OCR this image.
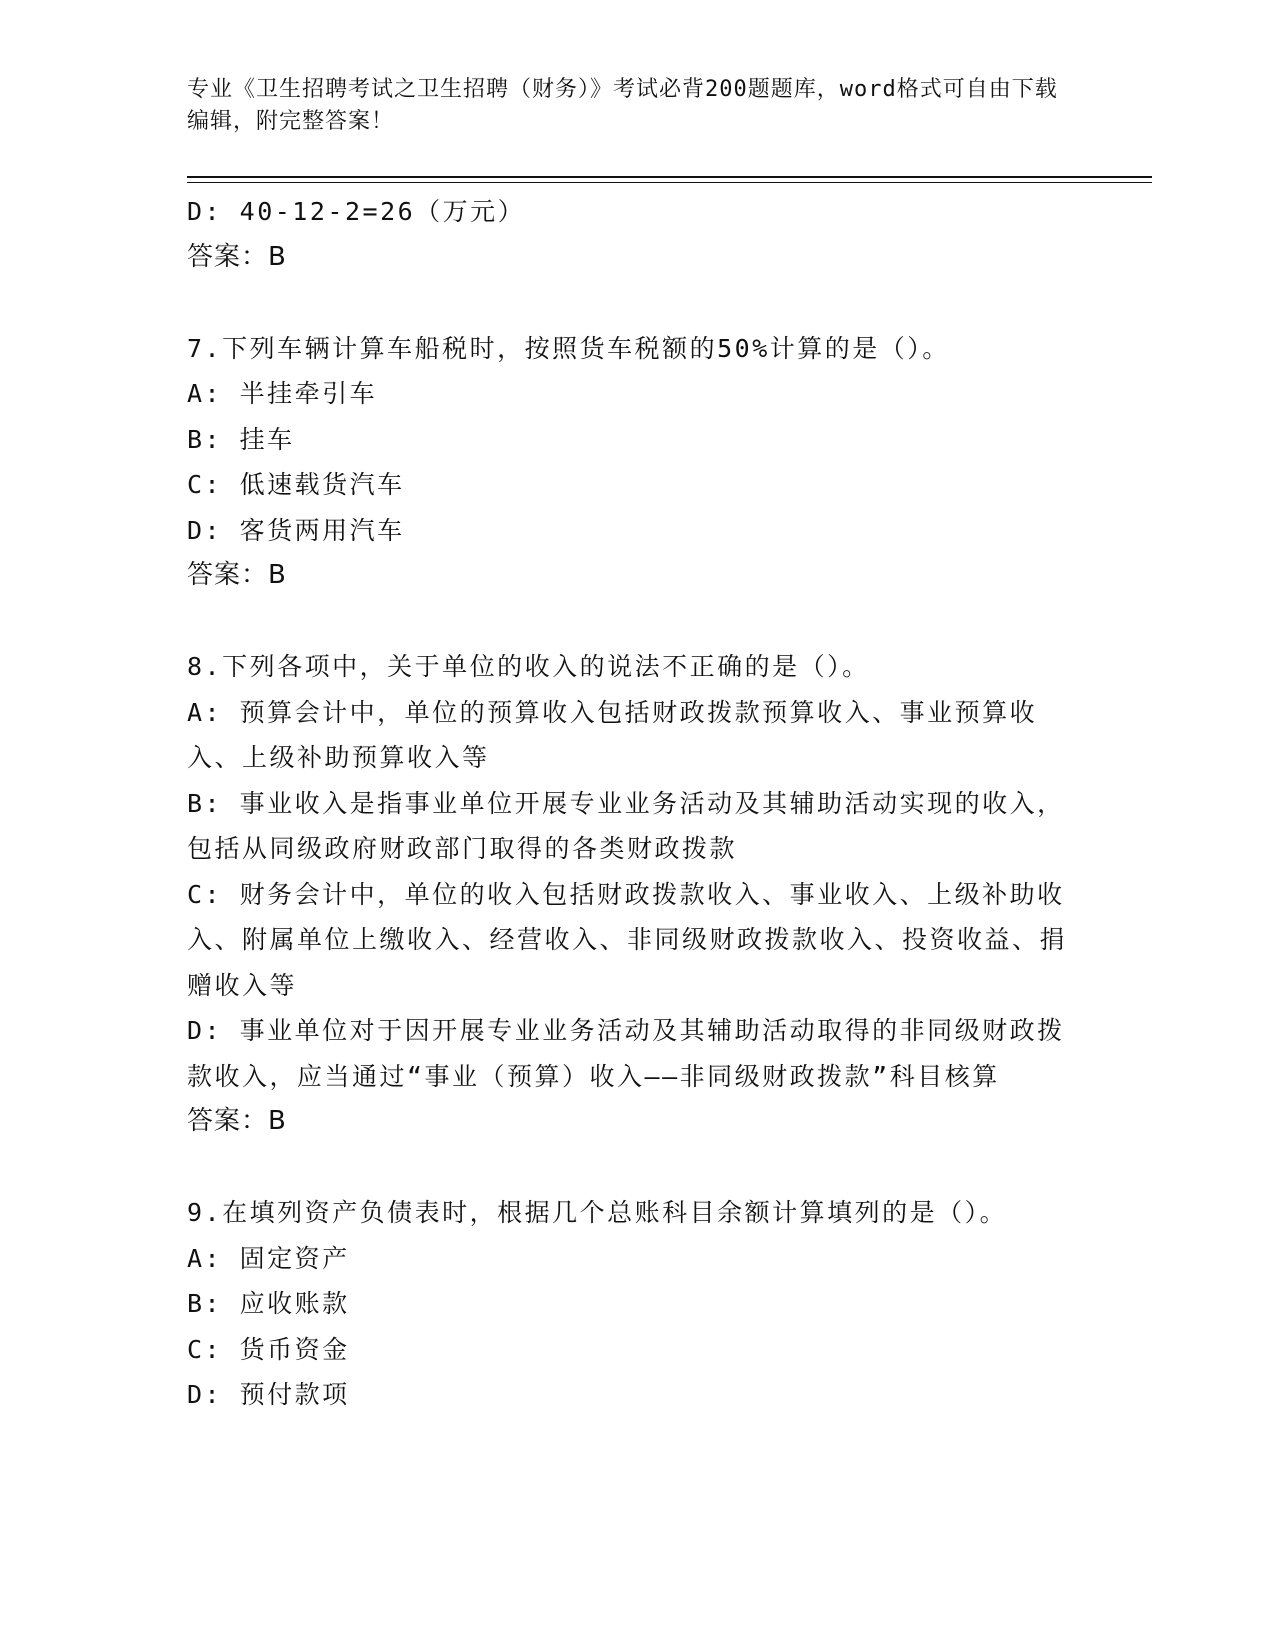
专业《卫生招聘考试之卫生招聘（财务）》考试必背200题题库，word格式可自由下载编辑，附完整答案！
D: 40-12-2=26（万元）
答案：B
7.下列车辆计算车船税时，按照货车税额的50%计算的是（）。
A: 半挂牵引车
B: 挂车
C: 低速载货汽车
D: 客货两用汽车
答案：B
8.下列各项中，关于单位的收入的说法不正确的是（）。
A: 预算会计中，单位的预算收入包括财政拨款预算收入、事业预算收入、上级补助预算收入等
B: 事业收入是指事业单位开展专业业务活动及其辅助活动实现的收入，包括从同级政府财政部门取得的各类财政拨款
C: 财务会计中，单位的收入包括财政拨款收入、事业收入、上级补助收入、附属单位上缴收入、经营收入、非同级财政拨款收入、投资收益、捐赠收入等
D: 事业单位对于因开展专业业务活动及其辅助活动取得的非同级财政拨款收入，应当通过“事业（预算）收入——非同级财政拨款”科目核算
答案：B
9.在填列资产负债表时，根据几个总账科目余额计算填列的是（）。
A: 固定资产
B: 应收账款
C: 货币资金
D: 预付款项
